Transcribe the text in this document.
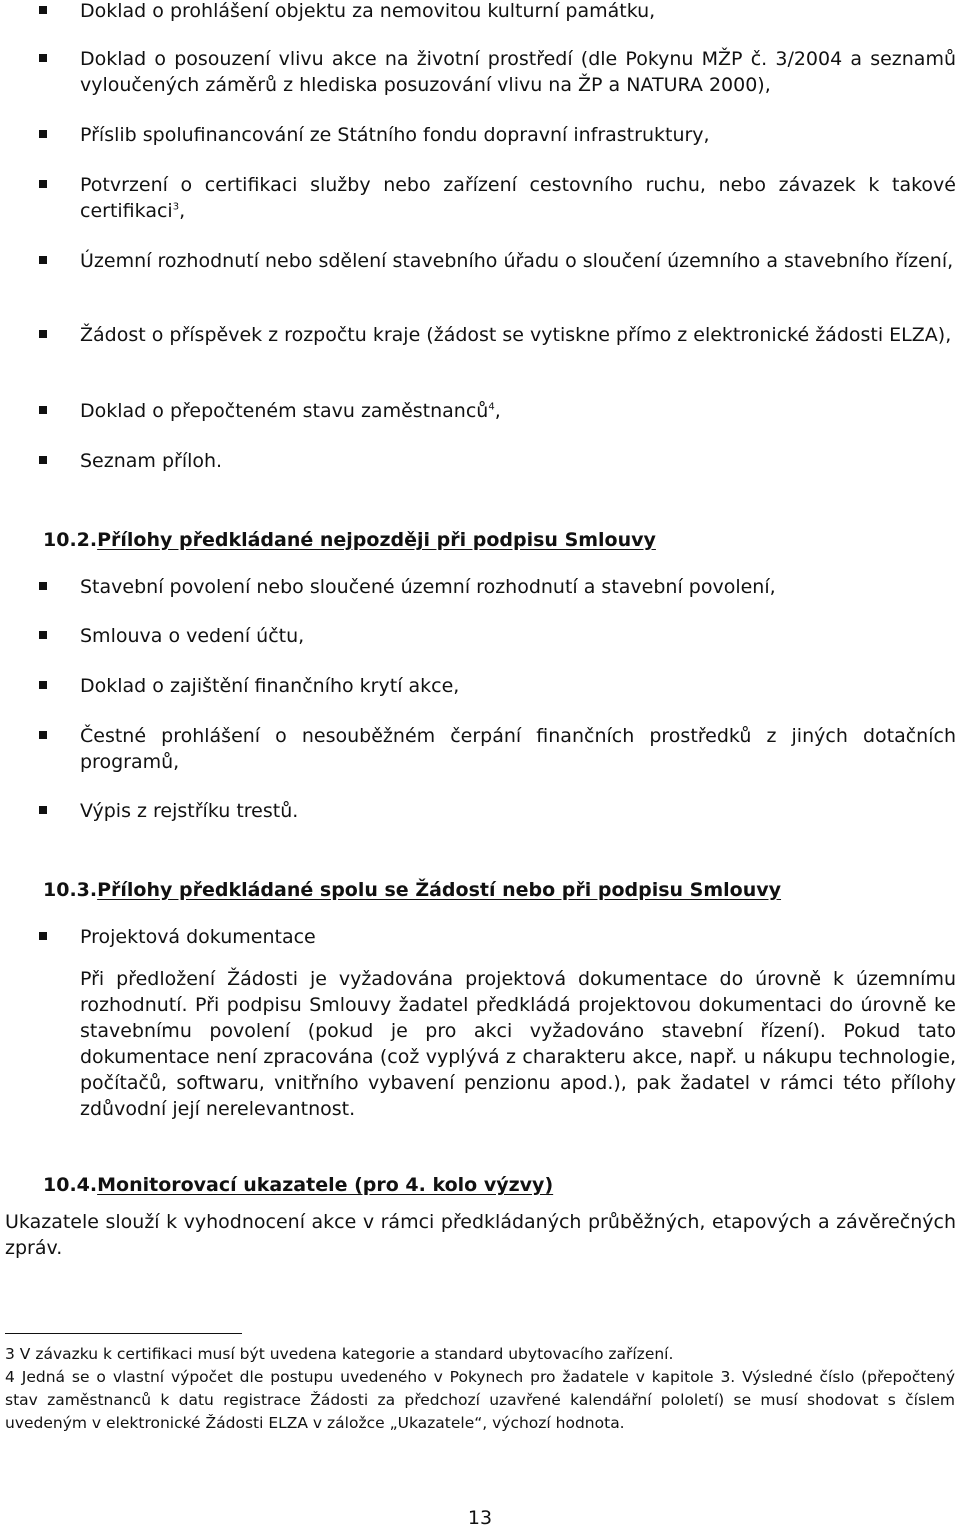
Doklad o prohlášení objektu za nemovitou kulturní památku,
Doklad o posouzení vlivu akce na životní prostředí (dle Pokynu MŽP č. 3/2004 a seznamů vyloučených záměrů z hlediska posuzování vlivu na ŽP a NATURA 2000),
Příslib spolufinancování ze Státního fondu dopravní infrastruktury,
Potvrzení o certifikaci služby nebo zařízení cestovního ruchu, nebo závazek k takové certifikaci$^3$,
Územní rozhodnutí nebo sdělení stavebního úřadu o sloučení územního a stavebního řízení,
Žádost o příspěvek z rozpočtu kraje (žádost se vytiskne přímo z elektronické žádosti ELZA),
Doklad o přepočteném stavu zaměstnanců$^4$,
Seznam příloh.
10.2.Přílohy předkládané nejpozději při podpisu Smlouvy
Stavební povolení nebo sloučené územní rozhodnutí a stavební povolení,
Smlouva o vedení účtu,
Doklad o zajištění finančního krytí akce,
Čestné prohlášení o nesouběžném čerpání finančních prostředků z jiných dotačních programů,
Výpis z rejstříku trestů.
10.3.Přílohy předkládané spolu se Žádostí nebo při podpisu Smlouvy
Projektová dokumentace
Při předložení Žádosti je vyžadována projektová dokumentace do úrovně k územnímu rozhodnutí. Při podpisu Smlouvy žadatel předkládá projektovou dokumentaci do úrovně ke stavebnímu povolení (pokud je pro akci vyžadováno stavební řízení). Pokud tato dokumentace není zpracována (což vyplývá z charakteru akce, např. u nákupu technologie, počítačů, softwaru, vnitřního vybavení penzionu apod.), pak žadatel v rámci této přílohy zdůvodní její nerelevantnost.
10.4.Monitorovací ukazatele (pro 4. kolo výzvy)
Ukazatele slouží k vyhodnocení akce v rámci předkládaných průběžných, etapových a závěrečných zpráv.
3 V závazku k certifikaci musí být uvedena kategorie a standard ubytovacího zařízení.
4 Jedná se o vlastní výpočet dle postupu uvedeného v Pokynech pro žadatele v kapitole 3. Výsledné číslo (přepočtený stav zaměstnanců k datu registrace Žádosti za předchozí uzavřené kalendářní pololetí) se musí shodovat s číslem uvedeným v elektronické Žádosti ELZA v záložce „Ukazatele“, výchozí hodnota.
13
